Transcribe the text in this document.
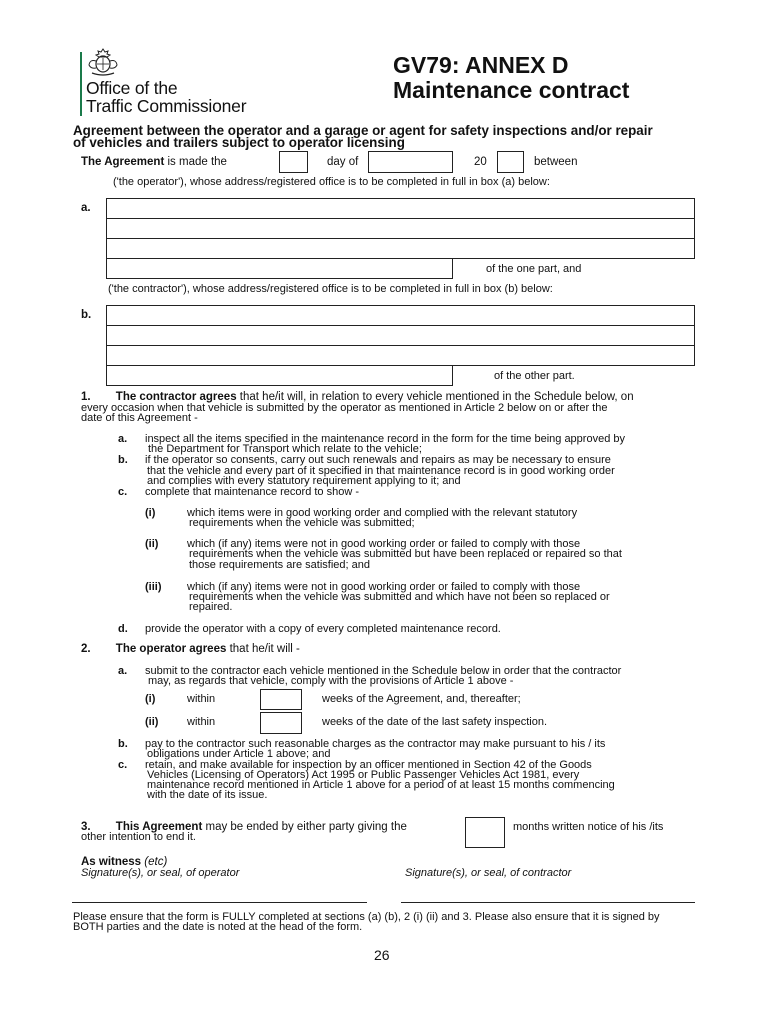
Office of the
Traffic Commissioner
GV79: ANNEX D
Maintenance contract
Agreement between the operator and a garage or agent for safety inspections and/or repair
of vehicles and trailers subject to operator licensing
The Agreement is made the	day of	20	between
('the operator'), whose address/registered office is to be completed in full in box (a) below:
a.
of the one part, and
('the contractor'), whose address/registered office is to be completed in full in box (b) below:
b.
of the other part.
1. The contractor agrees that he/it will, in relation to every vehicle mentioned in the Schedule below, on
every occasion when that vehicle is submitted by the operator as mentioned in Article 2 below on or after the
date of this Agreement -
a. inspect all the items specified in the maintenance record in the form for the time being approved by
the Department for Transport which relate to the vehicle;
b. if the operator so consents, carry out such renewals and repairs as may be necessary to ensure
that the vehicle and every part of it specified in that maintenance record is in good working order
and complies with every statutory requirement applying to it; and
c. complete that maintenance record to show -
(i)	which items were in good working order and complied with the relevant statutory
requirements when the vehicle was submitted;
(ii)	which (if any) items were not in good working order or failed to comply with those
requirements when the vehicle was submitted but have been replaced or repaired so that
those requirements are satisfied; and
(iii) which (if any) items were not in good working order or failed to comply with those
requirements when the vehicle was submitted and which have not been so replaced or
repaired.
d. provide the operator with a copy of every completed maintenance record.
2. The operator agrees that he/it will -
a. submit to the contractor each vehicle mentioned in the Schedule below in order that the contractor
may, as regards that vehicle, comply with the provisions of Article 1 above -
(i)	within	weeks of the Agreement, and, thereafter;
(ii)	within	weeks of the date of the last safety inspection.
b. pay to the contractor such reasonable charges as the contractor may make pursuant to his / its
obligations under Article 1 above; and
c. retain, and make available for inspection by an officer mentioned in Section 42 of the Goods
Vehicles (Licensing of Operators) Act 1995 or Public Passenger Vehicles Act 1981, every
maintenance record mentioned in Article 1 above for a period of at least 15 months commencing
with the date of its issue.
3. This Agreement may be ended by either party giving the
other intention to end it.
months written notice of his /its
As witness (etc)
Signature(s), or seal, of operator	Signature(s), or seal, of contractor
Please ensure that the form is FULLY completed at sections (a) (b), 2 (i) (ii) and 3. Please also ensure that it is signed by
BOTH parties and the date is noted at the head of the form.
26
